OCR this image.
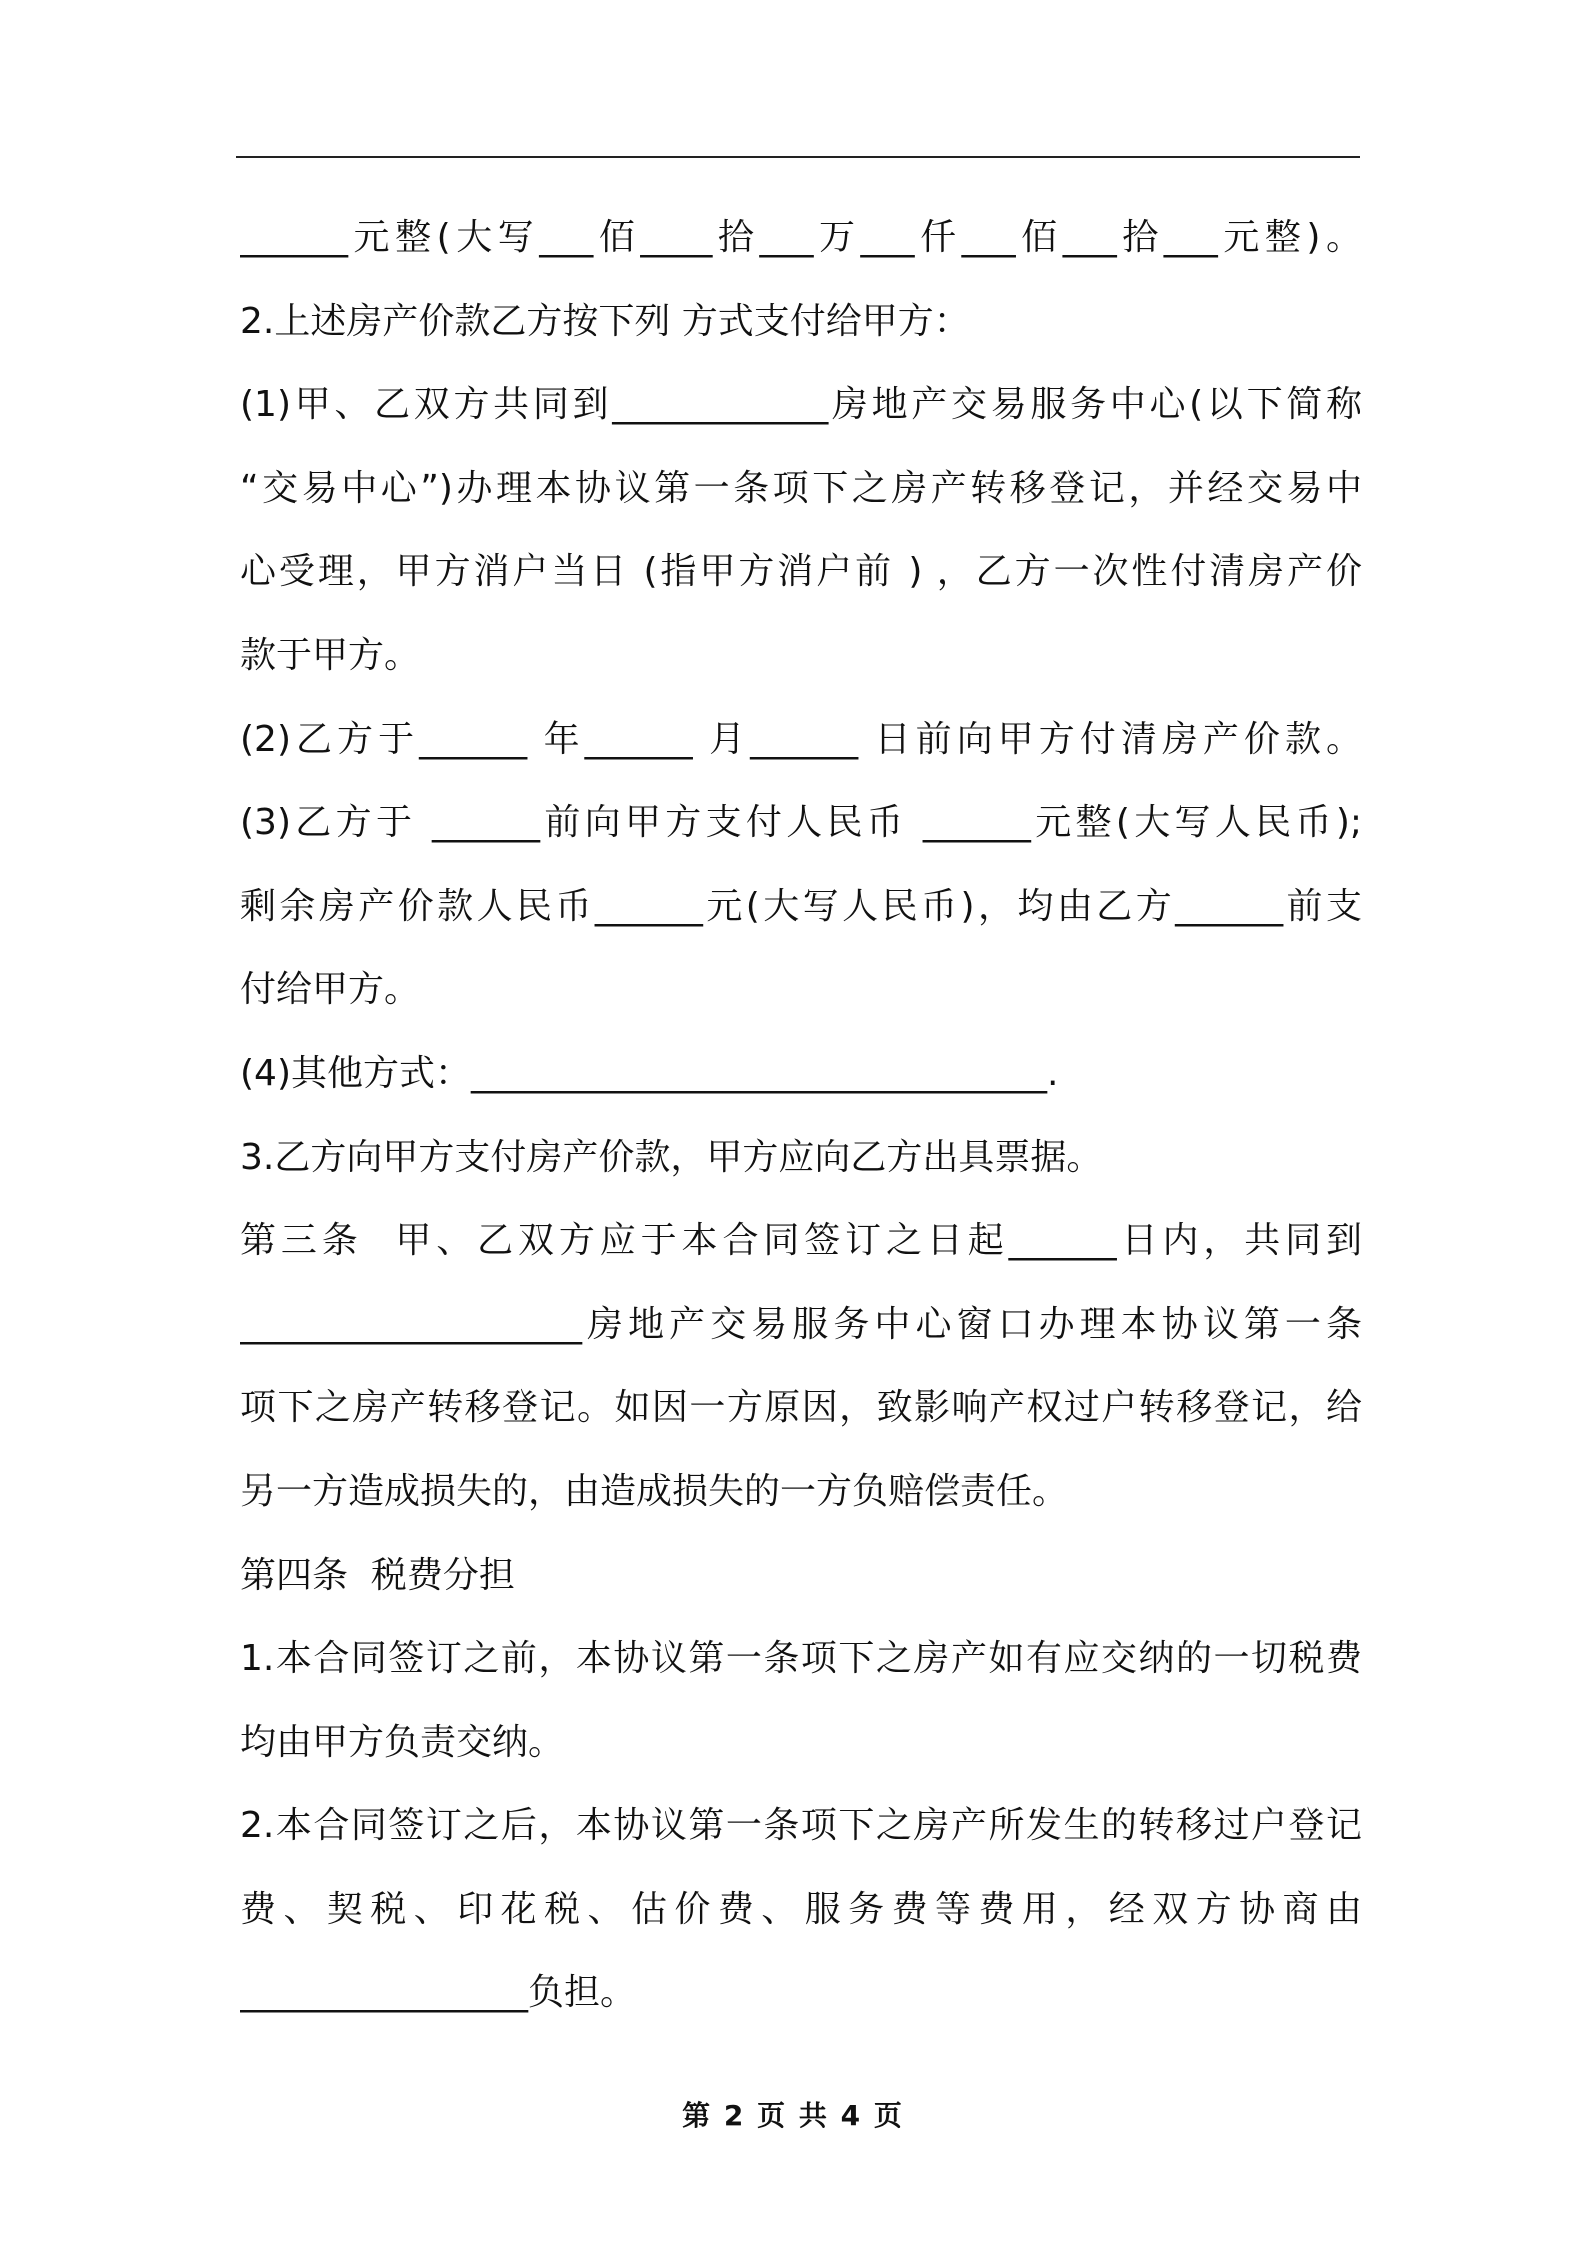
______元整(大写___佰____拾___万___仟___佰___拾___元整)。
2.上述房产价款乙方按下列 方式支付给甲方：
(1)甲、乙双方共同到____________房地产交易服务中心(以下简称
“交易中心”)办理本协议第一条项下之房产转移登记，并经交易中
心受理，甲方消户当日 (指甲方消户前 ) ，乙方一次性付清房产价
款于甲方。
(2)乙方于______ 年______ 月______ 日前向甲方付清房产价款。
(3)乙方于 ______前向甲方支付人民币 ______元整(大写人民币);
剩余房产价款人民币______元(大写人民币)，均由乙方______前支
付给甲方。
(4)其他方式：________________________________.
3.乙方向甲方支付房产价款，甲方应向乙方出具票据。
第三条  甲、乙双方应于本合同签订之日起______日内，共同到
___________________房地产交易服务中心窗口办理本协议第一条
项下之房产转移登记。如因一方原因，致影响产权过户转移登记，给
另一方造成损失的，由造成损失的一方负赔偿责任。
第四条  税费分担
1.本合同签订之前，本协议第一条项下之房产如有应交纳的一切税费
均由甲方负责交纳。
2.本合同签订之后，本协议第一条项下之房产所发生的转移过户登记
费、契税、印花税、估价费、服务费等费用，经双方协商由
________________负担。
第 2 页 共 4 页
